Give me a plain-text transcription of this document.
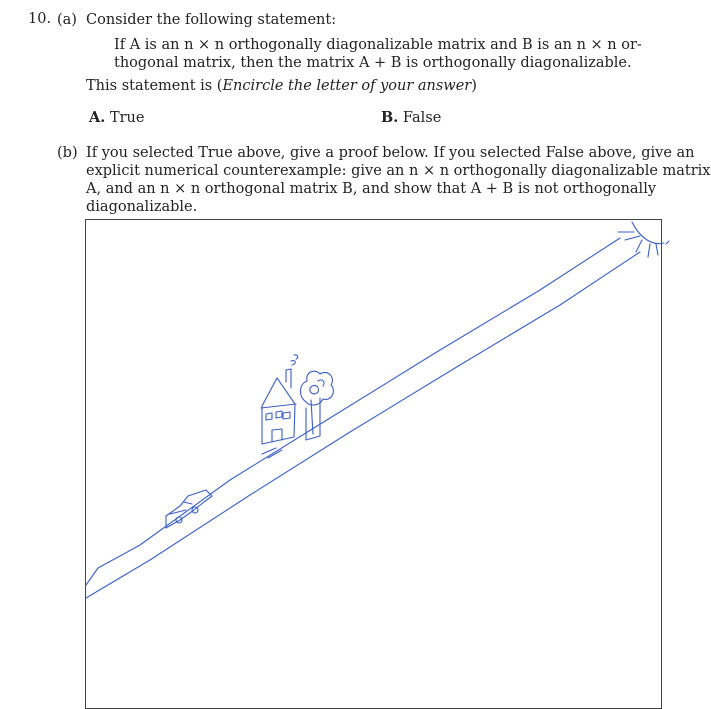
10. (a) Consider the following statement:
If A is an n × n orthogonally diagonalizable matrix and B is an n × n or-
thogonal matrix, then the matrix A + B is orthogonally diagonalizable.
This statement is (Encircle the letter of your answer)
A. True	B. False
(b) If you selected True above, give a proof below. If you selected False above, give an
explicit numerical counterexample: give an n × n orthogonally diagonalizable matrix
A, and an n × n orthogonal matrix B, and show that A + B is not orthogonally
diagonalizable.
